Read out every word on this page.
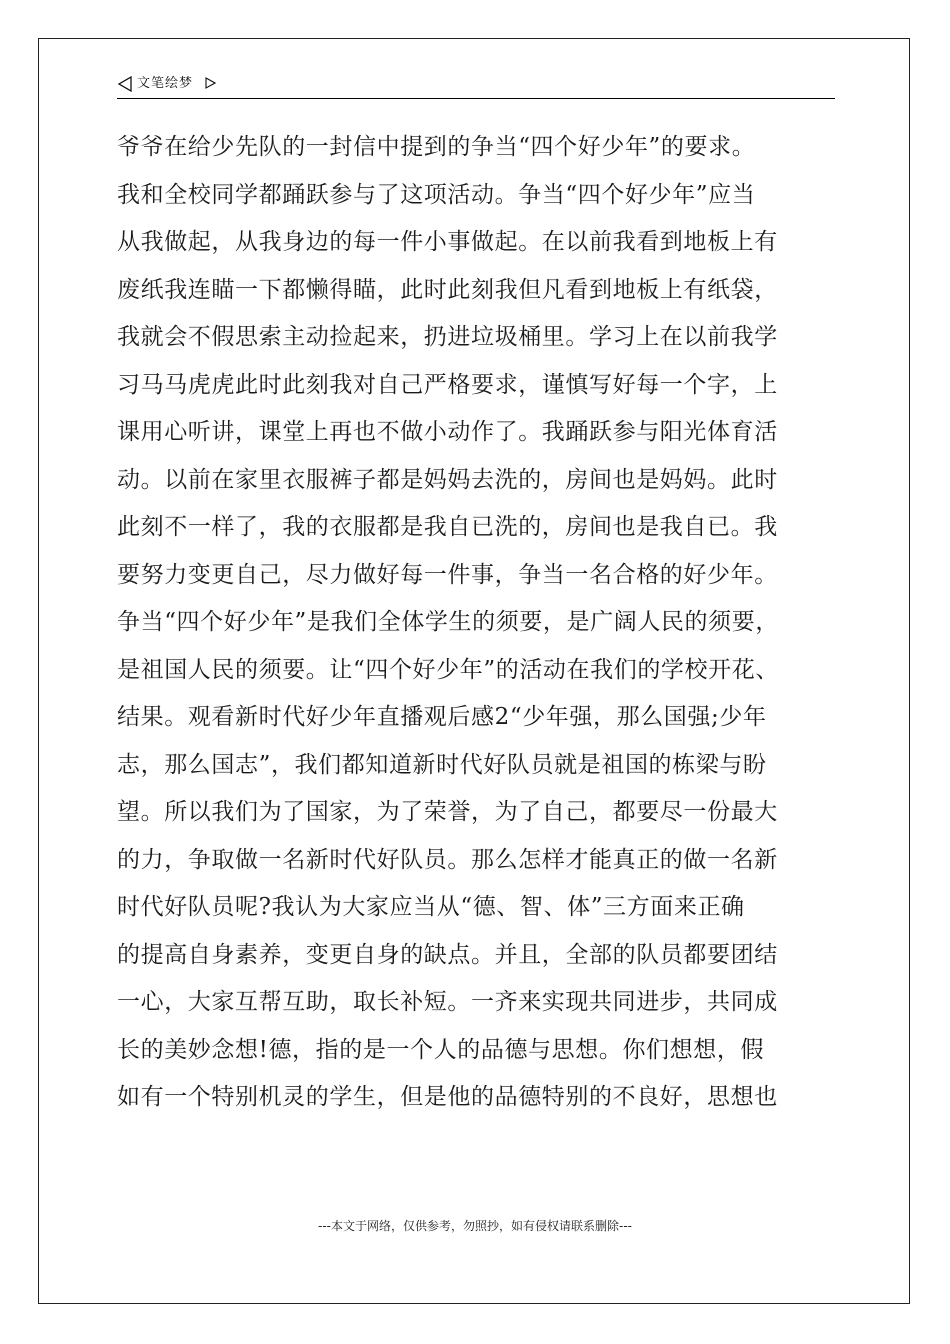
文笔绘梦
爷爷在给少先队的一封信中提到的争当“四个好少年”的要求。
我和全校同学都踊跃参与了这项活动。争当“四个好少年”应当
从我做起，从我身边的每一件小事做起。在以前我看到地板上有
废纸我连瞄一下都懒得瞄，此时此刻我但凡看到地板上有纸袋，
我就会不假思索主动捡起来，扔进垃圾桶里。学习上在以前我学
习马马虎虎此时此刻我对自己严格要求，谨慎写好每一个字，上
课用心听讲，课堂上再也不做小动作了。我踊跃参与阳光体育活
动。以前在家里衣服裤子都是妈妈去洗的，房间也是妈妈。此时
此刻不一样了，我的衣服都是我自已洗的，房间也是我自已。我
要努力变更自己，尽力做好每一件事，争当一名合格的好少年。
争当“四个好少年”是我们全体学生的须要，是广阔人民的须要，
是祖国人民的须要。让“四个好少年”的活动在我们的学校开花、
结果。观看新时代好少年直播观后感2“少年强，那么国强;少年
志，那么国志”，我们都知道新时代好队员就是祖国的栋梁与盼
望。所以我们为了国家，为了荣誉，为了自己，都要尽一份最大
的力，争取做一名新时代好队员。那么怎样才能真正的做一名新
时代好队员呢?我认为大家应当从“德、智、体”三方面来正确
的提高自身素养，变更自身的缺点。并且，全部的队员都要团结
一心，大家互帮互助，取长补短。一齐来实现共同进步，共同成
长的美妙念想!德，指的是一个人的品德与思想。你们想想，假
如有一个特别机灵的学生，但是他的品德特别的不良好，思想也
---本文于网络，仅供参考，勿照抄，如有侵权请联系删除---
